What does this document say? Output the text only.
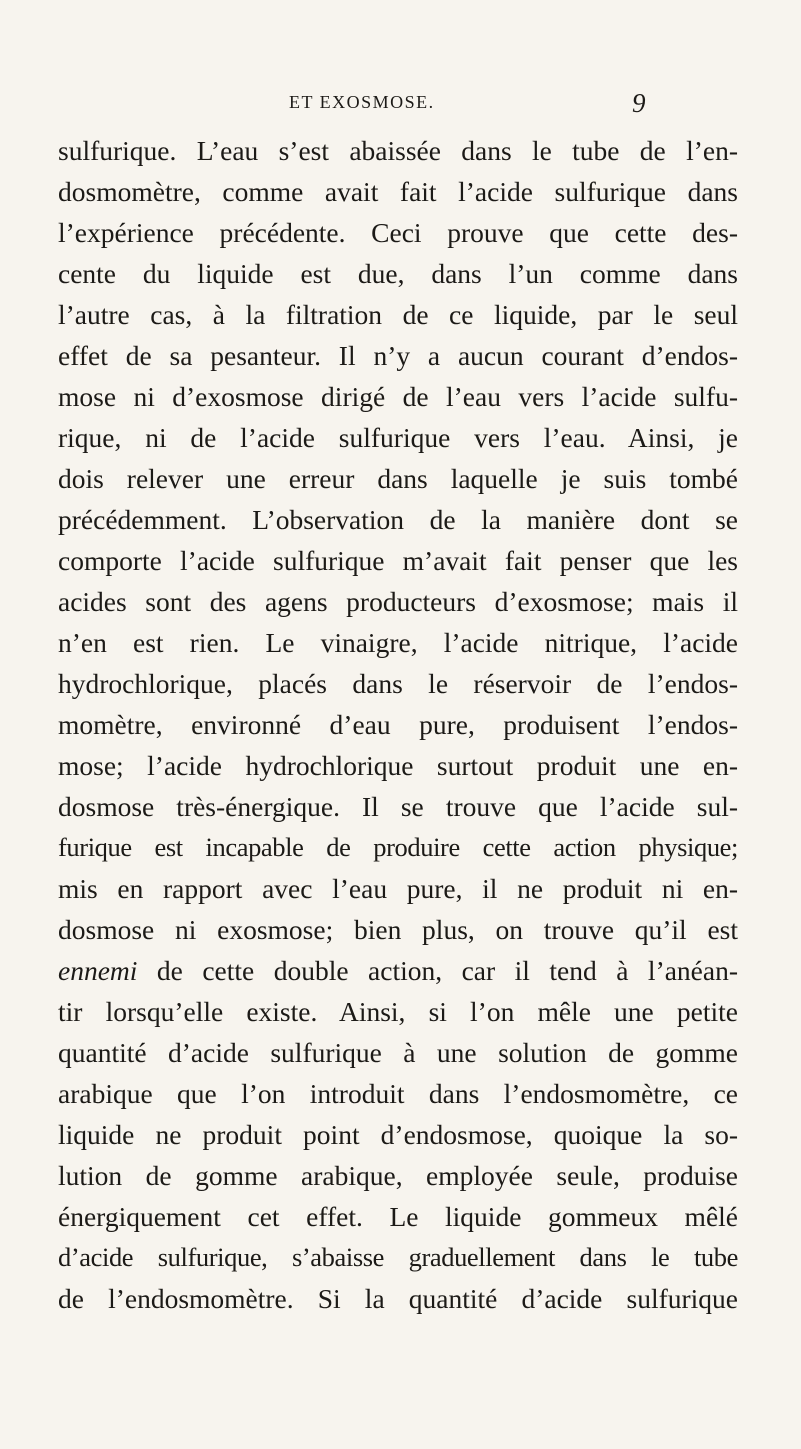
ET EXOSMOSE.	9
sulfurique. L’eau s’est abaissée dans le tube de l’en-
dosmomètre, comme avait fait l’acide sulfurique dans
l’expérience précédente. Ceci prouve que cette des-
cente du liquide est due, dans l’un comme dans
l’autre cas, à la filtration de ce liquide, par le seul
effet de sa pesanteur. Il n’y a aucun courant d’endos-
mose ni d’exosmose dirigé de l’eau vers l’acide sulfu-
rique, ni de l’acide sulfurique vers l’eau. Ainsi, je
dois relever une erreur dans laquelle je suis tombé
précédemment. L’observation de la manière dont se
comporte l’acide sulfurique m’avait fait penser que les
acides sont des agens producteurs d’exosmose; mais il
n’en est rien. Le vinaigre, l’acide nitrique, l’acide
hydrochlorique, placés dans le réservoir de l’endos-
momètre, environné d’eau pure, produisent l’endos-
mose; l’acide hydrochlorique surtout produit une en-
dosmose très-énergique. Il se trouve que l’acide sul-
furique est incapable de produire cette action physique;
mis en rapport avec l’eau pure, il ne produit ni en-
dosmose ni exosmose; bien plus, on trouve qu’il est
ennemi de cette double action, car il tend à l’anéan-
tir lorsqu’elle existe. Ainsi, si l’on mêle une petite
quantité d’acide sulfurique à une solution de gomme
arabique que l’on introduit dans l’endosmomètre, ce
liquide ne produit point d’endosmose, quoique la so-
lution de gomme arabique, employée seule, produise
énergiquement cet effet. Le liquide gommeux mêlé
d’acide sulfurique, s’abaisse graduellement dans le tube
de l’endosmomètre. Si la quantité d’acide sulfurique
